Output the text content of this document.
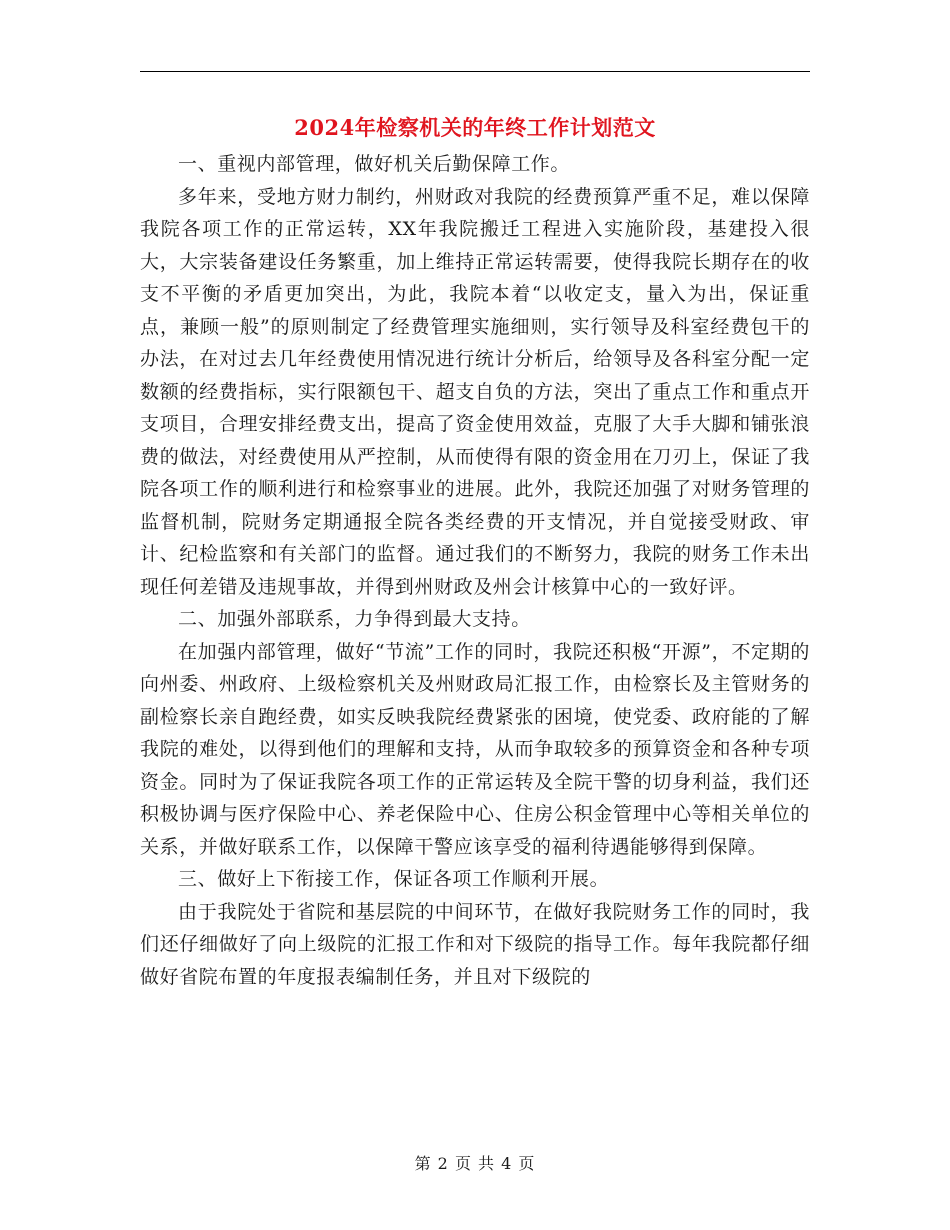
2024年检察机关的年终工作计划范文

一、重视内部管理，做好机关后勤保障工作。

多年来，受地方财力制约，州财政对我院的经费预算严重不足，难以保障我院各项工作的正常运转，XX年我院搬迁工程进入实施阶段，基建投入很大，大宗装备建设任务繁重，加上维持正常运转需要，使得我院长期存在的收支不平衡的矛盾更加突出，为此，我院本着“以收定支，量入为出，保证重点，兼顾一般”的原则制定了经费管理实施细则，实行领导及科室经费包干的办法，在对过去几年经费使用情况进行统计分析后，给领导及各科室分配一定数额的经费指标，实行限额包干、超支自负的方法，突出了重点工作和重点开支项目，合理安排经费支出，提高了资金使用效益，克服了大手大脚和铺张浪费的做法，对经费使用从严控制，从而使得有限的资金用在刀刃上，保证了我院各项工作的顺利进行和检察事业的进展。此外，我院还加强了对财务管理的监督机制，院财务定期通报全院各类经费的开支情况，并自觉接受财政、审计、纪检监察和有关部门的监督。通过我们的不断努力，我院的财务工作未出现任何差错及违规事故，并得到州财政及州会计核算中心的一致好评。

二、加强外部联系，力争得到最大支持。

在加强内部管理，做好“节流”工作的同时，我院还积极“开源”，不定期的向州委、州政府、上级检察机关及州财政局汇报工作，由检察长及主管财务的副检察长亲自跑经费，如实反映我院经费紧张的困境，使党委、政府能的了解我院的难处，以得到他们的理解和支持，从而争取较多的预算资金和各种专项资金。同时为了保证我院各项工作的正常运转及全院干警的切身利益，我们还积极协调与医疗保险中心、养老保险中心、住房公积金管理中心等相关单位的关系，并做好联系工作，以保障干警应该享受的福利待遇能够得到保障。

三、做好上下衔接工作，保证各项工作顺利开展。

由于我院处于省院和基层院的中间环节，在做好我院财务工作的同时，我们还仔细做好了向上级院的汇报工作和对下级院的指导工作。每年我院都仔细做好省院布置的年度报表编制任务，并且对下级院的

第 2 页 共 4 页
